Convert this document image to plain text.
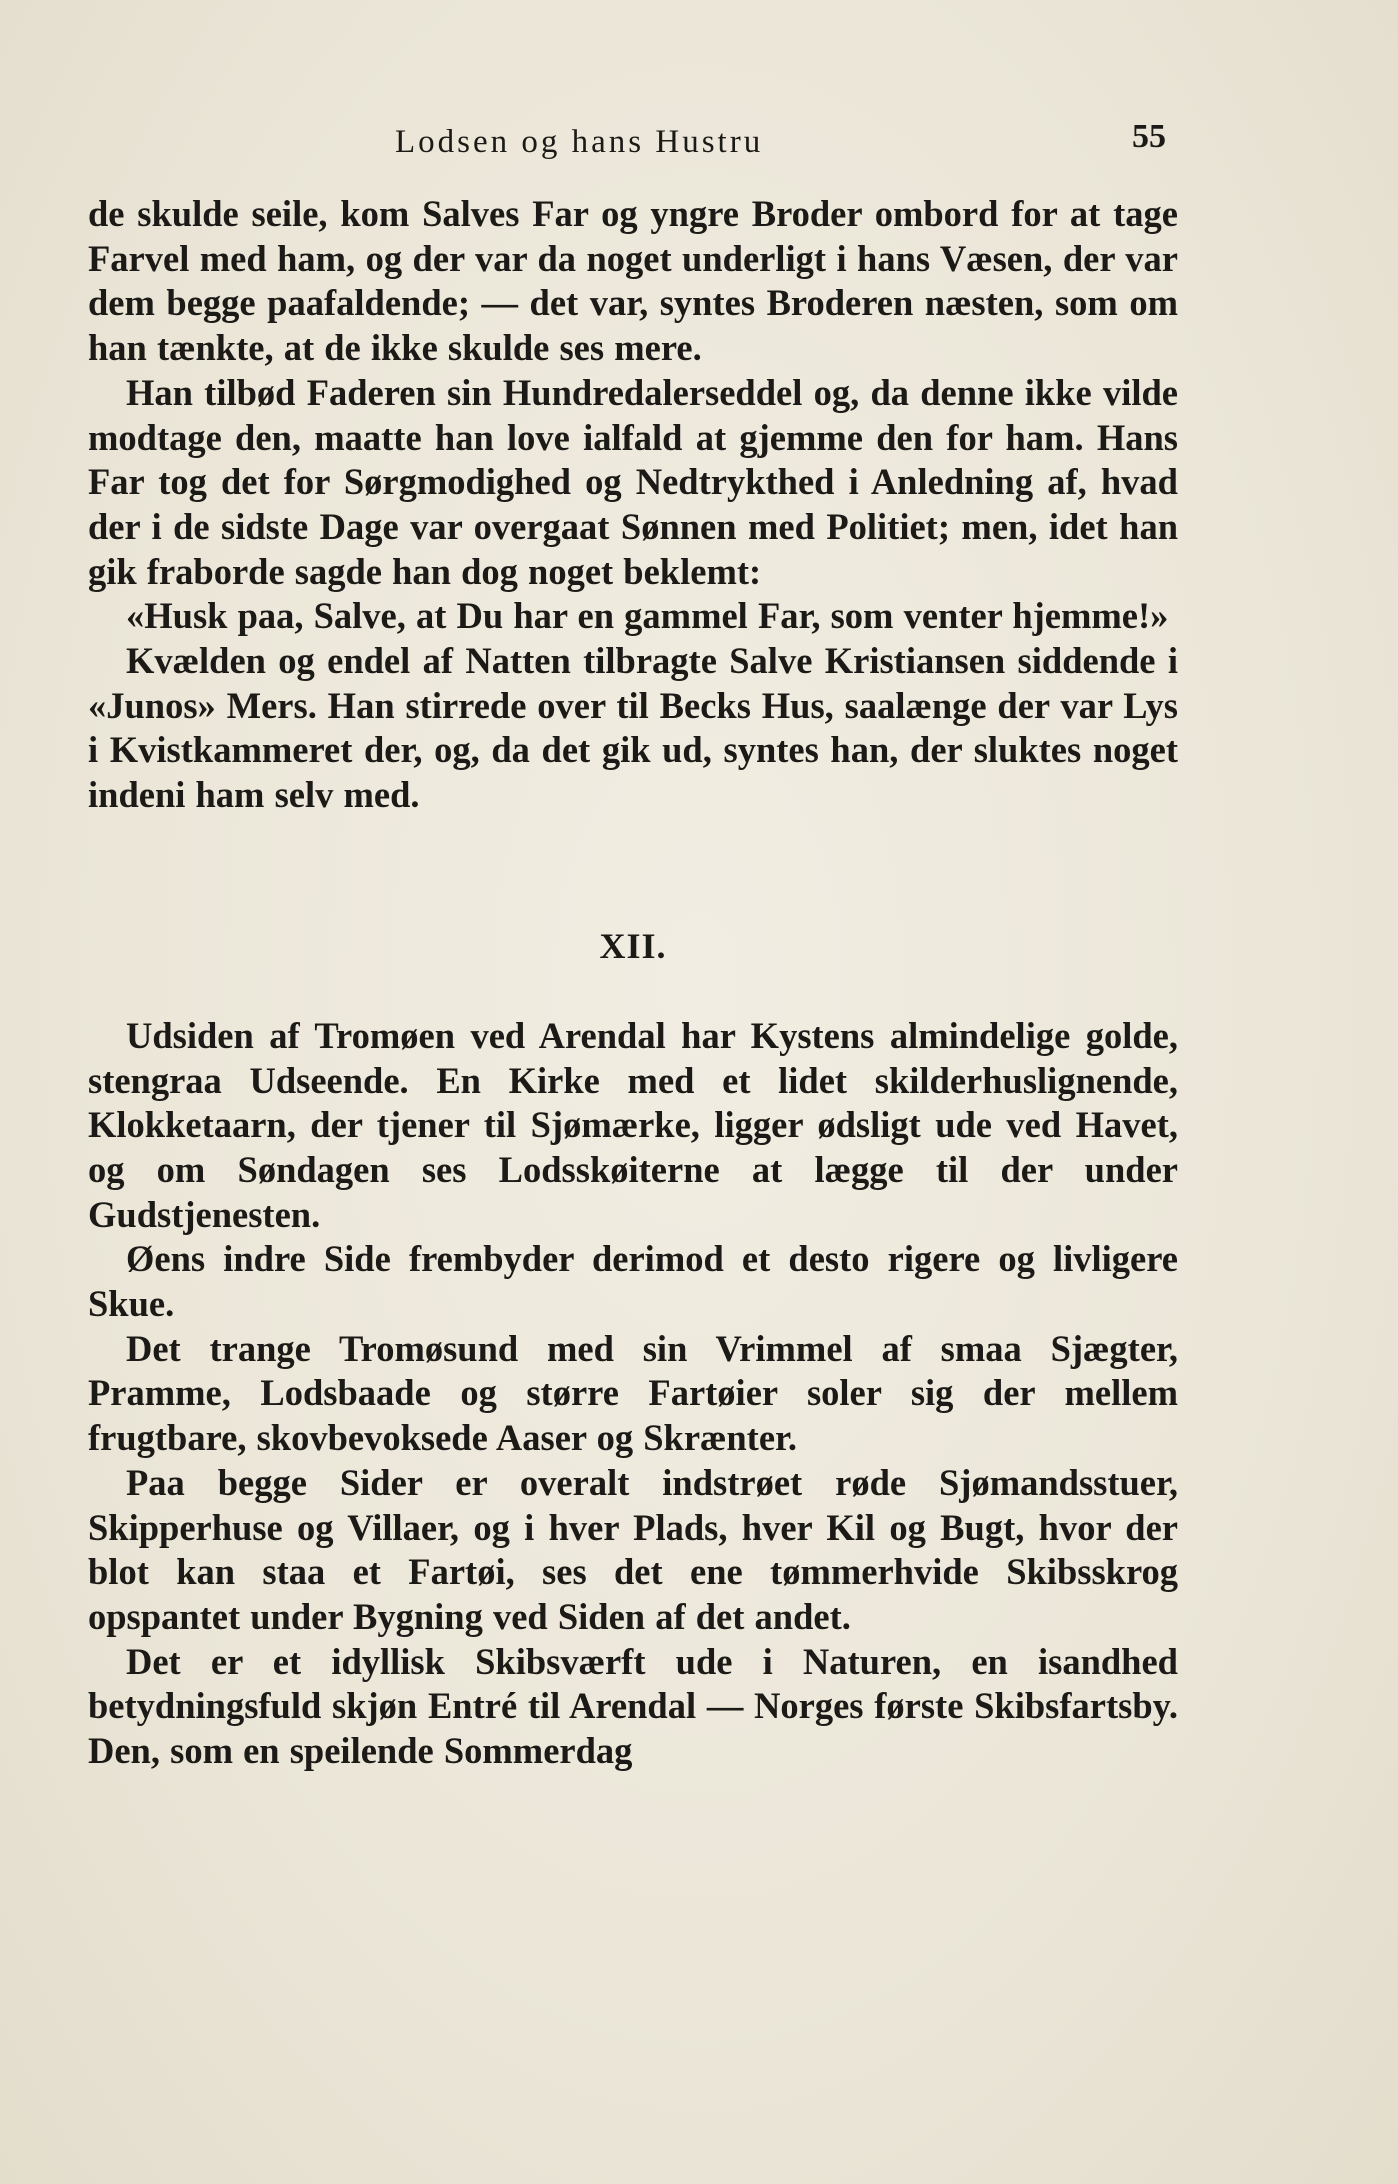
Lodsen og hans Hustru	55

de skulde seile, kom Salves Far og yngre Broder ombord for at tage Farvel med ham, og der var da noget underligt i hans Væsen, der var dem begge paafaldende; — det var, syntes Broderen næsten, som om han tænkte, at de ikke skulde ses mere.

Han tilbød Faderen sin Hundredalerseddel og, da denne ikke vilde modtage den, maatte han love ialfald at gjemme den for ham. Hans Far tog det for Sørgmodighed og Nedtrykthed i Anledning af, hvad der i de sidste Dage var overgaat Sønnen med Politiet; men, idet han gik fraborde sagde han dog noget beklemt:

«Husk paa, Salve, at Du har en gammel Far, som venter hjemme!»

Kvælden og endel af Natten tilbragte Salve Kristiansen siddende i «Junos» Mers. Han stirrede over til Becks Hus, saalænge der var Lys i Kvistkammeret der, og, da det gik ud, syntes han, der sluktes noget indeni ham selv med.

XII.

Udsiden af Tromøen ved Arendal har Kystens almindelige golde, stengraa Udseende. En Kirke med et lidet skilderhuslignende, Klokketaarn, der tjener til Sjømærke, ligger ødsligt ude ved Havet, og om Søndagen ses Lodsskøiterne at lægge til der under Gudstjenesten.

Øens indre Side frembyder derimod et desto rigere og livligere Skue.

Det trange Tromøsund med sin Vrimmel af smaa Sjægter, Pramme, Lodsbaade og større Fartøier soler sig der mellem frugtbare, skovbevoksede Aaser og Skrænter.

Paa begge Sider er overalt indstrøet røde Sjømandsstuer, Skipperhuse og Villaer, og i hver Plads, hver Kil og Bugt, hvor der blot kan staa et Fartøi, ses det ene tømmerhvide Skibsskrog opspantet under Bygning ved Siden af det andet.

Det er et idyllisk Skibsværft ude i Naturen, en isandhed betydningsfuld skjøn Entré til Arendal — Norges første Skibsfartsby. Den, som en speilende Sommerdag
